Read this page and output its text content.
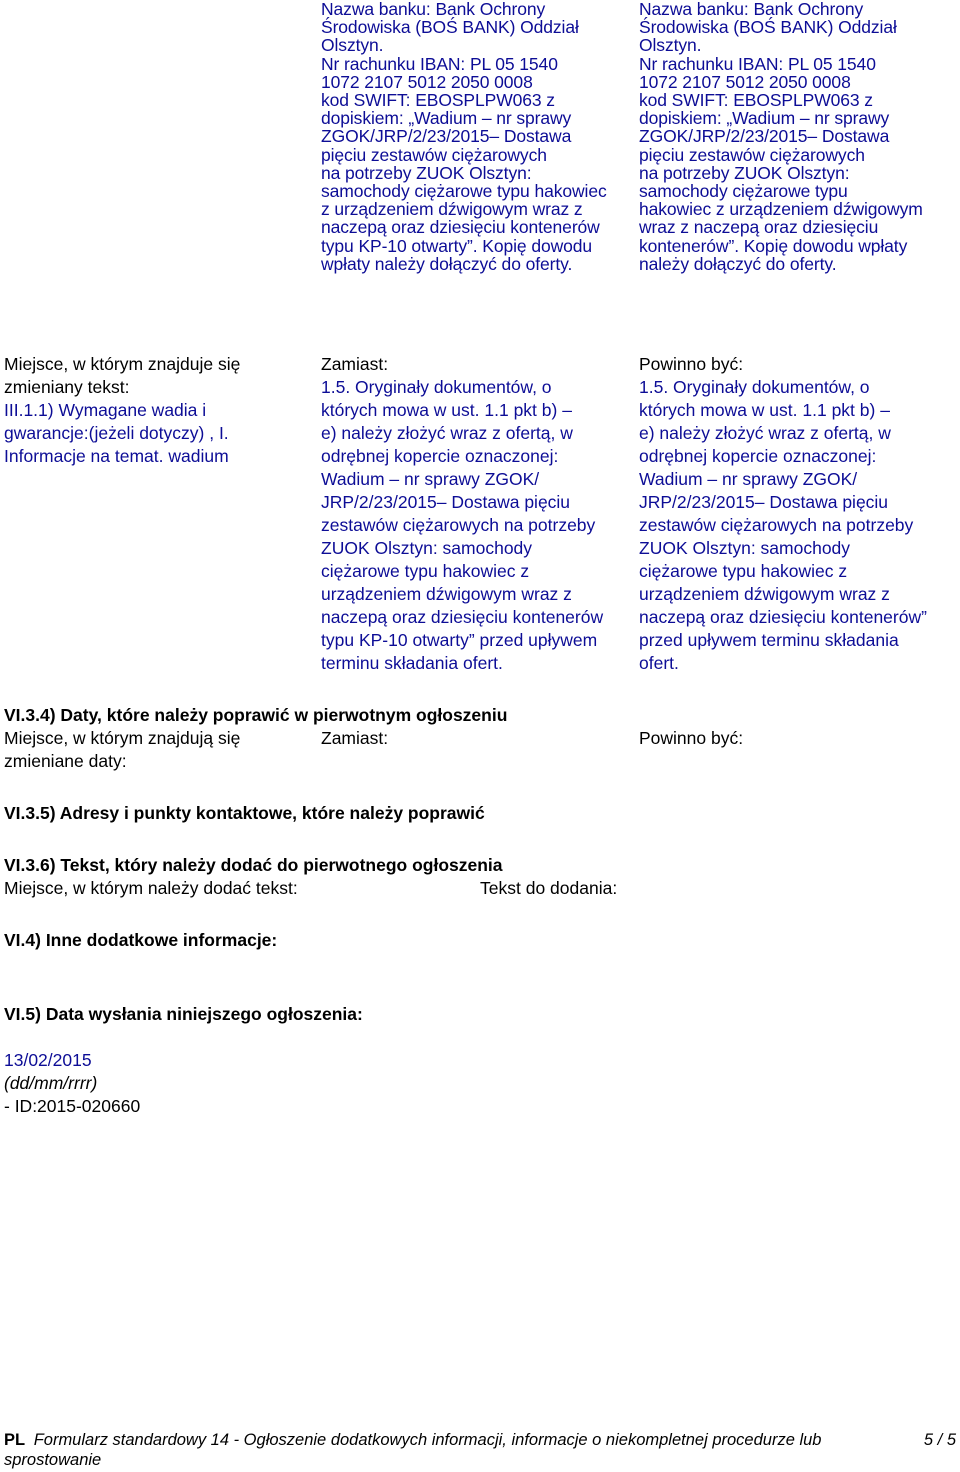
Nazwa banku: Bank Ochrony
Środowiska (BOŚ BANK) Oddział
Olsztyn.
Nr rachunku IBAN: PL 05 1540
1072 2107 5012 2050 0008
kod SWIFT: EBOSPLPW063 z
dopiskiem: „Wadium – nr sprawy
ZGOK/JRP/2/23/2015– Dostawa
pięciu zestawów ciężarowych
na potrzeby ZUOK Olsztyn:
samochody ciężarowe typu hakowiec
z urządzeniem dźwigowym wraz z
naczepą oraz dziesięciu kontenerów
typu KP-10 otwarty”. Kopię dowodu
wpłaty należy dołączyć do oferty.
Nazwa banku: Bank Ochrony
Środowiska (BOŚ BANK) Oddział
Olsztyn.
Nr rachunku IBAN: PL 05 1540
1072 2107 5012 2050 0008
kod SWIFT: EBOSPLPW063 z
dopiskiem: „Wadium – nr sprawy
ZGOK/JRP/2/23/2015– Dostawa
pięciu zestawów ciężarowych
na potrzeby ZUOK Olsztyn:
samochody ciężarowe typu
hakowiec z urządzeniem dźwigowym
wraz z naczepą oraz dziesięciu
kontenerów”. Kopię dowodu wpłaty
należy dołączyć do oferty.
Miejsce, w którym znajduje się
zmieniany tekst:
III.1.1) Wymagane wadia i
gwarancje:(jeżeli dotyczy) , I.
Informacje na temat. wadium
Zamiast:
1.5. Oryginały dokumentów, o
których mowa w ust. 1.1 pkt b) –
e) należy złożyć wraz z ofertą, w
odrębnej kopercie oznaczonej:
Wadium – nr sprawy ZGOK/
JRP/2/23/2015– Dostawa pięciu
zestawów ciężarowych na potrzeby
ZUOK Olsztyn: samochody
ciężarowe typu hakowiec z
urządzeniem dźwigowym wraz z
naczepą oraz dziesięciu kontenerów
typu KP-10 otwarty” przed upływem
terminu składania ofert.
Powinno być:
1.5. Oryginały dokumentów, o
których mowa w ust. 1.1 pkt b) –
e) należy złożyć wraz z ofertą, w
odrębnej kopercie oznaczonej:
Wadium – nr sprawy ZGOK/
JRP/2/23/2015– Dostawa pięciu
zestawów ciężarowych na potrzeby
ZUOK Olsztyn: samochody
ciężarowe typu hakowiec z
urządzeniem dźwigowym wraz z
naczepą oraz dziesięciu kontenerów”
przed upływem terminu składania
ofert.
VI.3.4) Daty, które należy poprawić w pierwotnym ogłoszeniu
Miejsce, w którym znajdują się
zmieniane daty:
Zamiast:	Powinno być:
VI.3.5) Adresy i punkty kontaktowe, które należy poprawić
VI.3.6) Tekst, który należy dodać do pierwotnego ogłoszenia
Miejsce, w którym należy dodać tekst:	Tekst do dodania:
VI.4) Inne dodatkowe informacje:
VI.5) Data wysłania niniejszego ogłoszenia:

13/02/2015
(dd/mm/rrrr)
- ID:2015-020660

PL Formularz standardowy 14 - Ogłoszenie dodatkowych informacji, informacje o niekompletnej procedurze lub
sprostowanie
5 / 5
